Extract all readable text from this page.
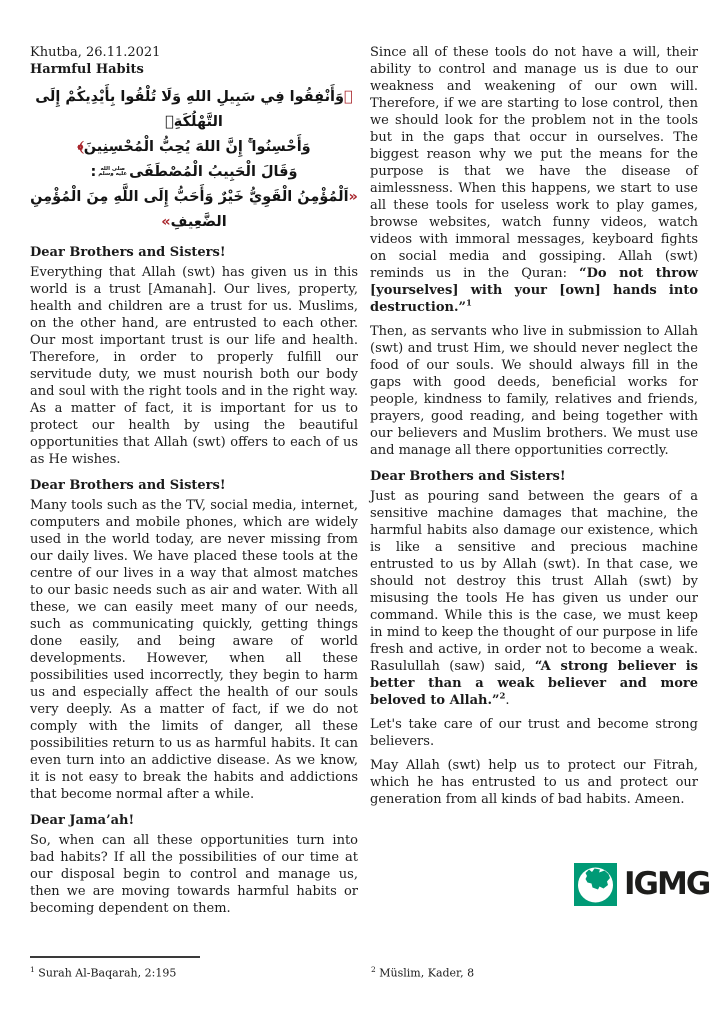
Khutba, 26.11.2021
Harmful Habits
﴿وَأَنْفِقُوا فِي سَبِيلِ اللهِ وَلَا تُلْقُوا بِأَيْدِيكُمْ إِلَى التَّهْلُكَةِۚ
وَأَحْسِنُوا ۚ إِنَّ اللهَ يُحِبُّ الْمُحْسِنِينَ﴾
وَقَالَ الْحَبِيبُ الْمُصْطَفَى
صلى الله
عليه وسلم
:
«اَلْمُؤْمِنُ الْقَوِيُّ خَيْرٌ وَأَحَبُّ إِلَى اللَّهِ مِنَ الْمُؤْمِنِ الضَّعِيفِ»
Dear Brothers and Sisters!

Everything that Allah (swt) has given us in this world is a trust [Amanah]. Our lives, property, health and children are a trust for us. Muslims, on the other hand, are entrusted to each other. Our most important trust is our life and health. Therefore, in order to properly fulfill our servitude duty, we must nourish both our body and soul with the right tools and in the right way. As a matter of fact, it is important for us to protect our health by using the beautiful opportunities that Allah (swt) offers to each of us as He wishes.

Dear Brothers and Sisters!

Many tools such as the TV, social media, internet, computers and mobile phones, which are widely used in the world today, are never missing from our daily lives. We have placed these tools at the centre of our lives in a way that almost matches to our basic needs such as air and water. With all these, we can easily meet many of our needs, such as communicating quickly, getting things done easily, and being aware of world developments. However, when all these possibilities used incorrectly, they begin to harm us and especially affect the health of our souls very deeply. As a matter of fact, if we do not comply with the limits of danger, all these possibilities return to us as harmful habits. It can even turn into an addictive disease. As we know, it is not easy to break the habits and addictions that become normal after a while.

Dear Jama’ah!

So, when can all these opportunities turn into bad habits? If all the possibilities of our time at our disposal begin to control and manage us, then we are moving towards harmful habits or becoming dependent on them.

Since all of these tools do not have a will, their ability to control and manage us is due to our weakness and weakening of our own will. Therefore, if we are starting to lose control, then we should look for the problem not in the tools but in the gaps that occur in ourselves. The biggest reason why we put the means for the purpose is that we have the disease of aimlessness. When this happens, we start to use all these tools for useless work to play games, browse websites, watch funny videos, watch videos with immoral messages, keyboard fights on social media and gossiping. Allah (swt) reminds us in the Quran: “Do not throw [yourselves] with your [own] hands into destruction.”$^1$

Then, as servants who live in submission to Allah (swt) and trust Him, we should never neglect the food of our souls. We should always fill in the gaps with good deeds, beneficial works for people, kindness to family, relatives and friends, prayers, good reading, and being together with our believers and Muslim brothers. We must use and manage all there opportunities correctly.

Dear Brothers and Sisters!

Just as pouring sand between the gears of a sensitive machine damages that machine, the harmful habits also damage our existence, which is like a sensitive and precious machine entrusted to us by Allah (swt). In that case, we should not destroy this trust Allah (swt) by misusing the tools He has given us under our command. While this is the case, we must keep in mind to keep the thought of our purpose in life fresh and active, in order not to become a weak. Rasulullah (saw) said, “A strong believer is better than a weak believer and more beloved to Allah.”$^2$.

Let's take care of our trust and become strong believers.

May Allah (swt) help us to protect our Fitrah, which he has entrusted to us and protect our generation from all kinds of bad habits. Ameen.

$^1$ Surah Al-Baqarah, 2:195	$^2$ Müslim, Kader, 8
IGMG
